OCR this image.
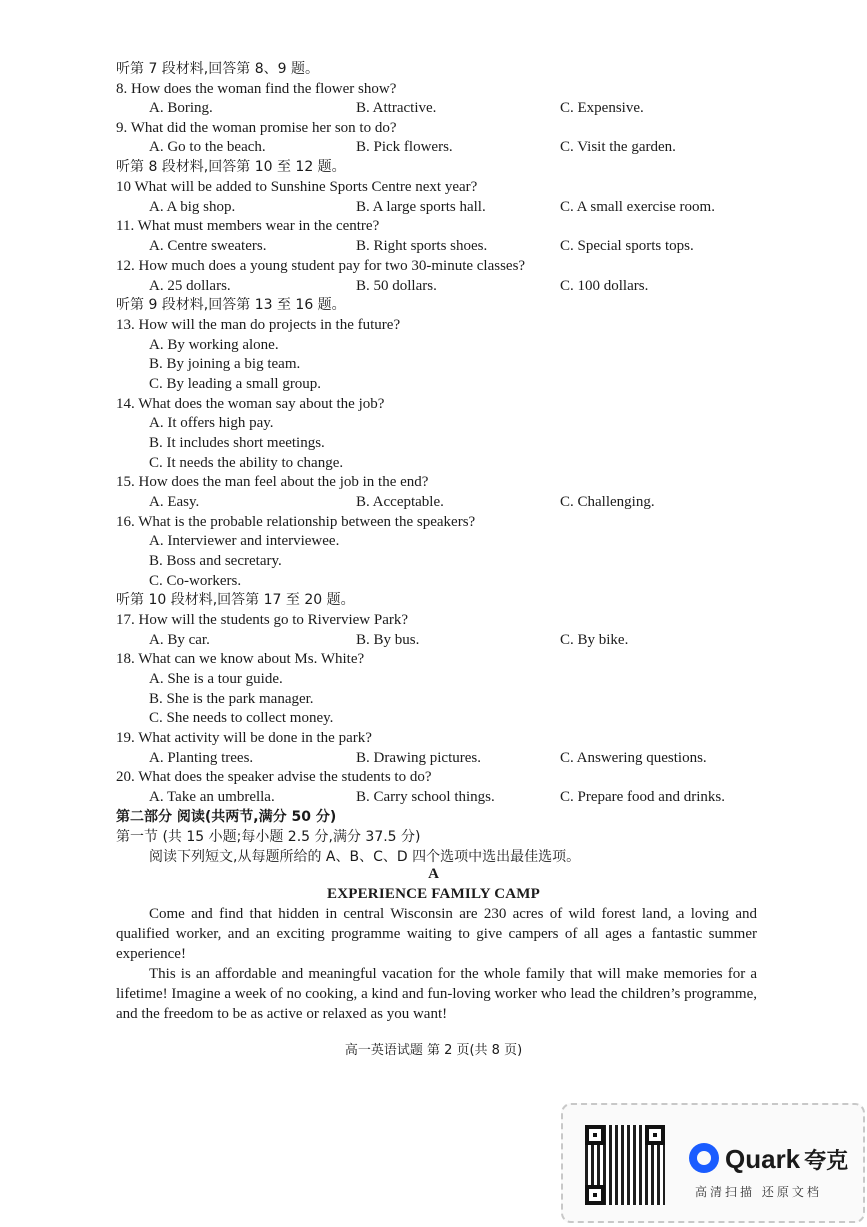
听第 7 段材料,回答第 8、9 题。
8. How does the woman find the flower show?
A. Boring.	B. Attractive.	C. Expensive.
9. What did the woman promise her son to do?
A. Go to the beach.	B. Pick flowers.	C. Visit the garden.
听第 8 段材料,回答第 10 至 12 题。
10 What will be added to Sunshine Sports Centre next year?
A. A big shop.	B. A large sports hall.	C. A small exercise room.
11. What must members wear in the centre?
A. Centre sweaters.	B. Right sports shoes.	C. Special sports tops.
12. How much does a young student pay for two 30-minute classes?
A. 25 dollars.	B. 50 dollars.	C. 100 dollars.
听第 9 段材料,回答第 13 至 16 题。
13. How will the man do projects in the future?
A. By working alone.
B. By joining a big team.
C. By leading a small group.
14. What does the woman say about the job?
A. It offers high pay.
B. It includes short meetings.
C. It needs the ability to change.
15. How does the man feel about the job in the end?
A. Easy.	B. Acceptable.	C. Challenging.
16. What is the probable relationship between the speakers?
A. Interviewer and interviewee.
B. Boss and secretary.
C. Co-workers.
听第 10 段材料,回答第 17 至 20 题。
17. How will the students go to Riverview Park?
A. By car.	B. By bus.	C. By bike.
18. What can we know about Ms. White?
A. She is a tour guide.
B. She is the park manager.
C. She needs to collect money.
19. What activity will be done in the park?
A. Planting trees.	B. Drawing pictures.	C. Answering questions.
20. What does the speaker advise the students to do?
A. Take an umbrella.	B. Carry school things.	C. Prepare food and drinks.
第二部分 阅读(共两节,满分 50 分)
第一节 (共 15 小题;每小题 2.5 分,满分 37.5 分)
阅读下列短文,从每题所给的 A、B、C、D 四个选项中选出最佳选项。
A
EXPERIENCE FAMILY CAMP
Come and find that hidden in central Wisconsin are 230 acres of wild forest land, a loving and qualified worker, and an exciting programme waiting to give campers of all ages a fantastic summer experience!
This is an affordable and meaningful vacation for the whole family that will make memories for a lifetime! Imagine a week of no cooking, a kind and fun-loving worker who lead the children’s programme, and the freedom to be as active or relaxed as you want!
高一英语试题 第 2 页(共 8 页)
Quark 夸克
高清扫描 还原文档
